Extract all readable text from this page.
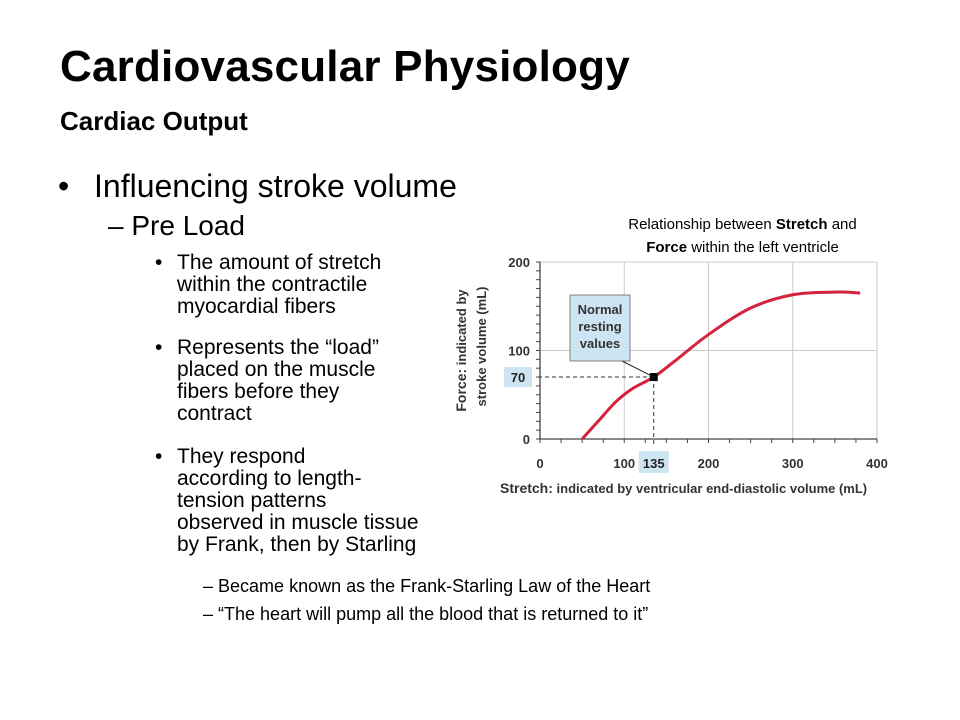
Cardiovascular Physiology
Cardiac Output
• Influencing stroke volume
– Pre Load
• The amount of stretch
within the contractile
myocardial fibers
• Represents the “load”
placed on the muscle
fibers before they
contract
• They respond
according to length-
tension patterns
observed in muscle tissue
by Frank, then by Starling
– Became known as the Frank-Starling Law of the Heart
– “The heart will pump all the blood that is returned to it”
Relationship between Stretch and
Force within the left ventricle
Normal
resting
values
0
100
200
70
0	100	200	300	400
135
Stretch: indicated by ventricular end-diastolic volume (mL)
Force: indicated by stroke volume (mL)
